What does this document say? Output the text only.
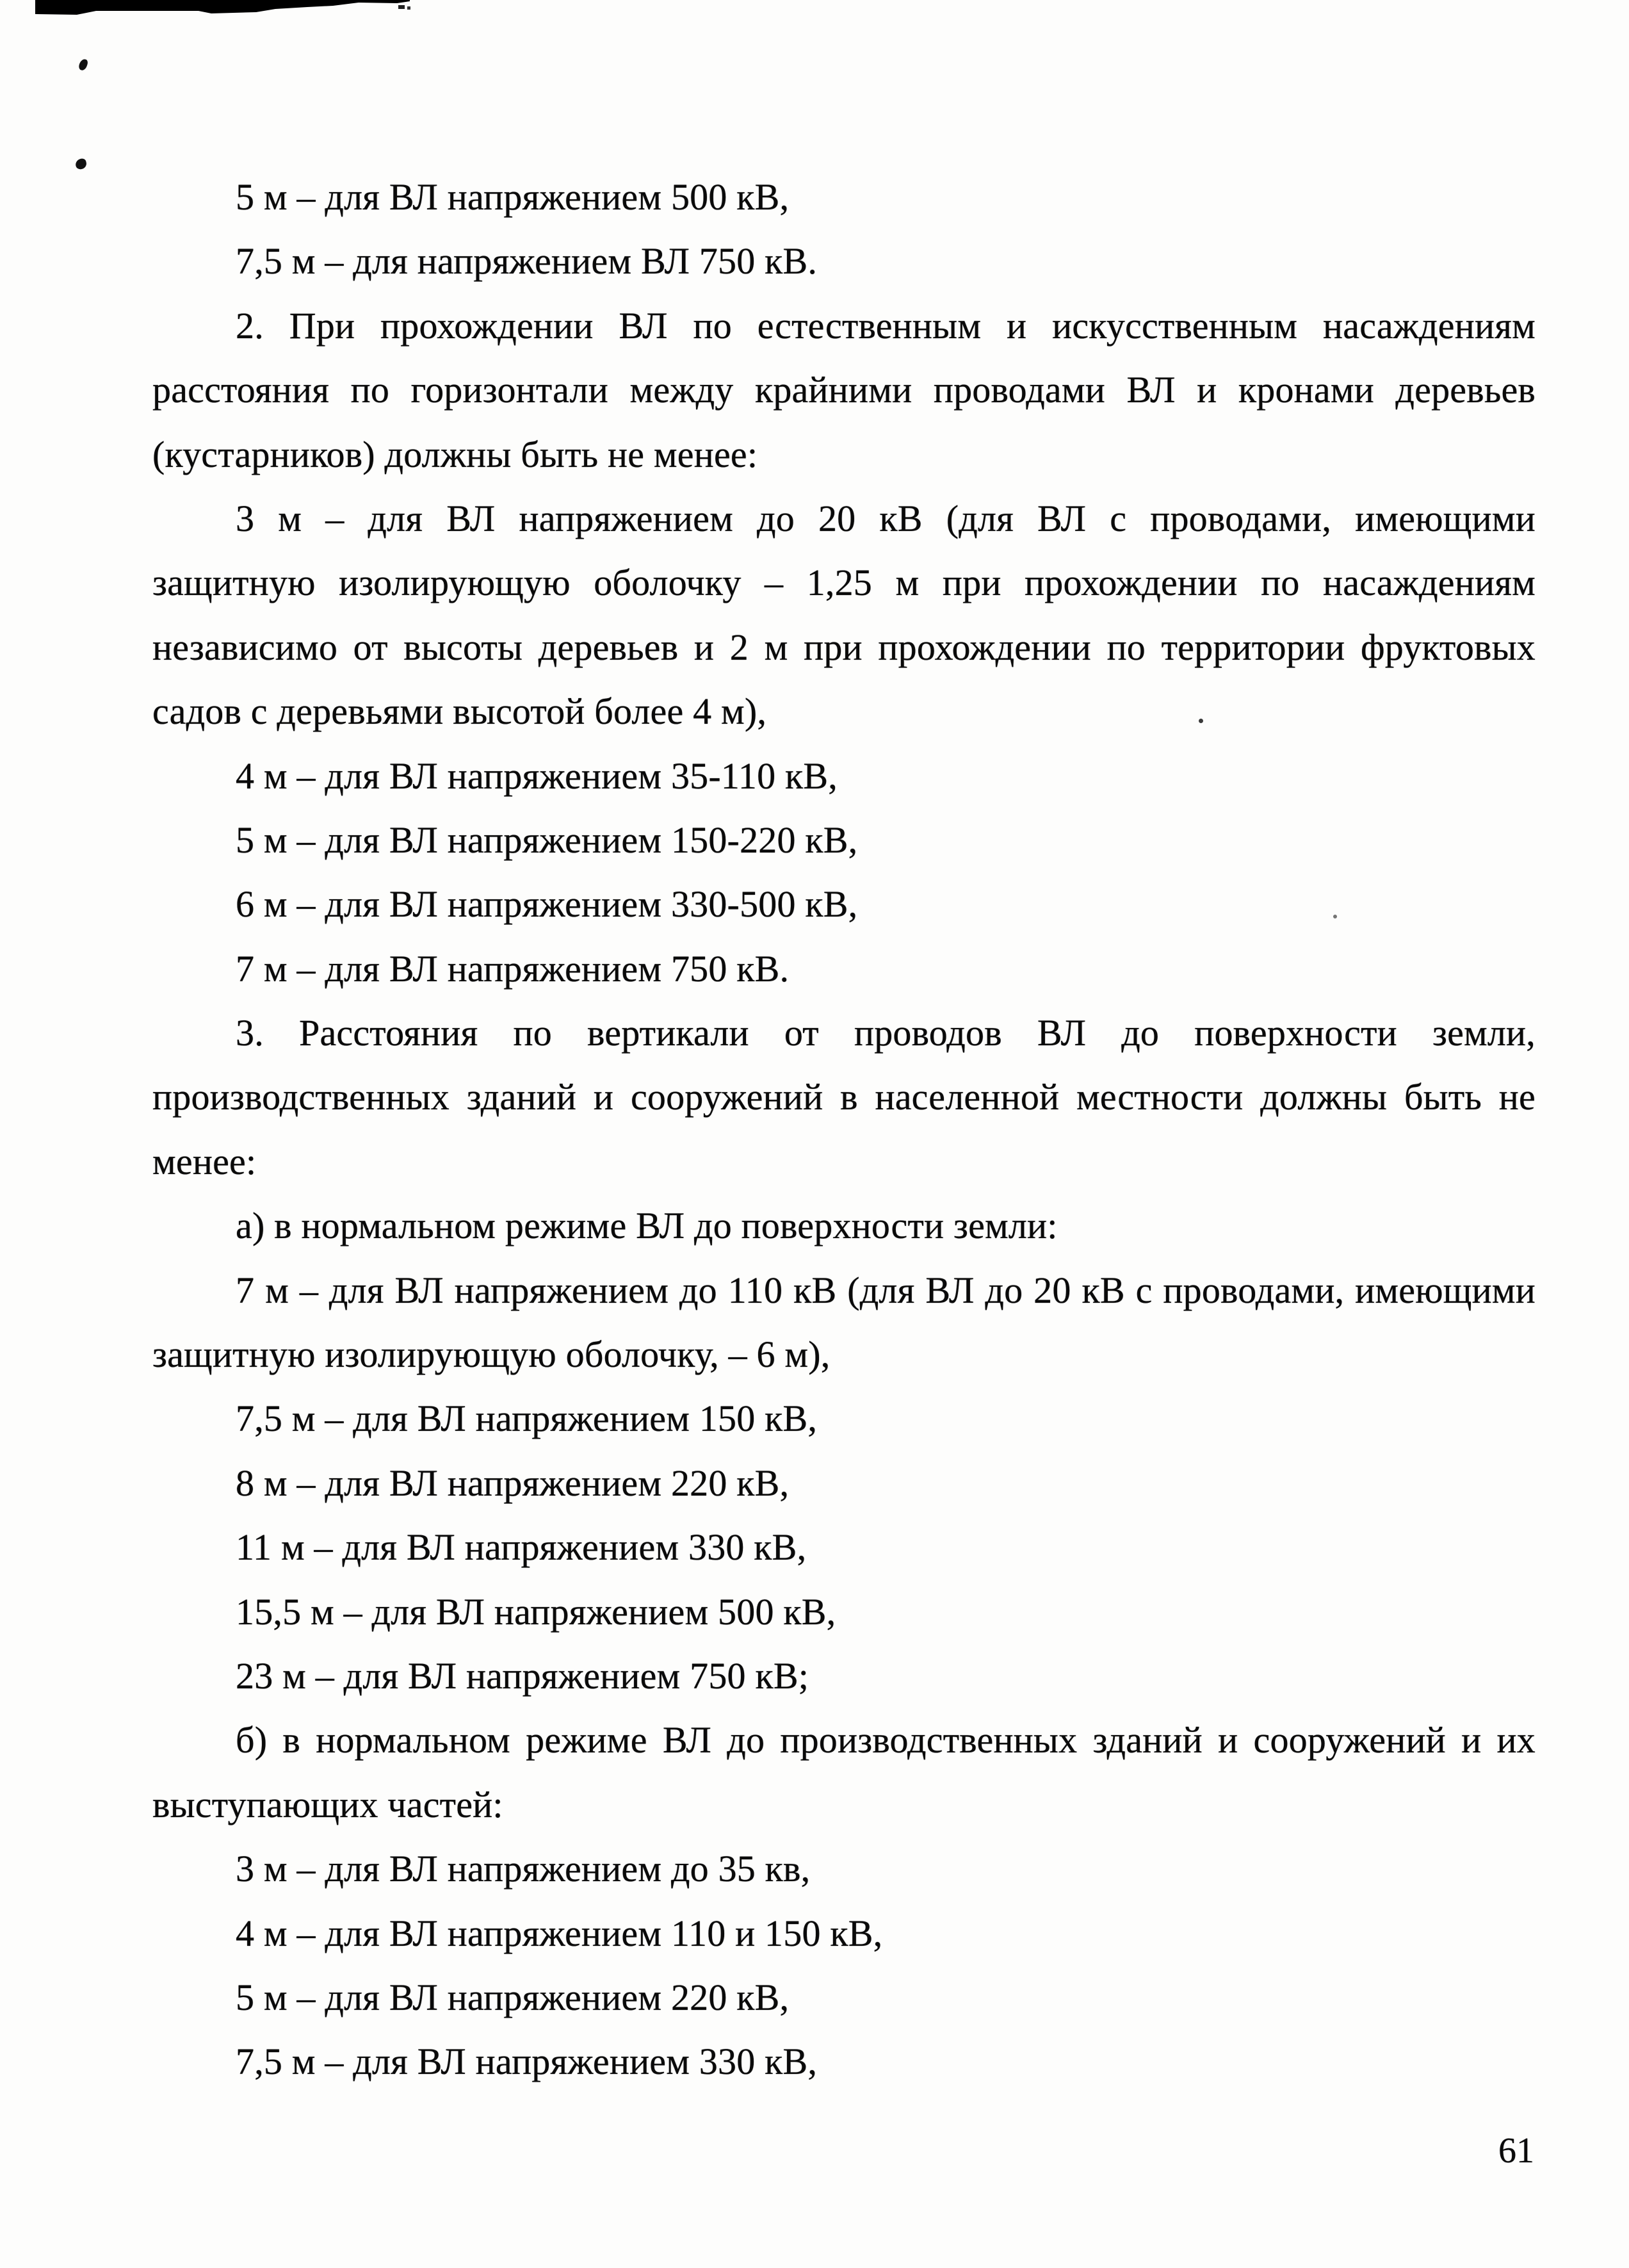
5 м – для ВЛ напряжением 500 кВ,
7,5 м – для напряжением ВЛ 750 кВ.
2. При прохождении ВЛ по естественным и искусственным насаждениям
расстояния по горизонтали между крайними проводами ВЛ и кронами деревьев
(кустарников) должны быть не менее:
3 м – для ВЛ напряжением до 20 кВ (для ВЛ с проводами, имеющими
защитную изолирующую оболочку – 1,25 м при прохождении по насаждениям
независимо от высоты деревьев и 2 м при прохождении по территории фруктовых
садов с деревьями высотой более 4 м),
4 м – для ВЛ напряжением 35-110 кВ,
5 м – для ВЛ напряжением 150-220 кВ,
6 м – для ВЛ напряжением 330-500 кВ,
7 м – для ВЛ напряжением 750 кВ.
3. Расстояния по вертикали от проводов ВЛ до поверхности земли,
производственных зданий и сооружений в населенной местности должны быть не
менее:
а) в нормальном режиме ВЛ до поверхности земли:
7 м – для ВЛ напряжением до 110 кВ (для ВЛ до 20 кВ с проводами, имеющими
защитную изолирующую оболочку, – 6 м),
7,5 м – для ВЛ напряжением 150 кВ,
8 м – для ВЛ напряжением 220 кВ,
11 м – для ВЛ напряжением 330 кВ,
15,5 м – для ВЛ напряжением 500 кВ,
23 м – для ВЛ напряжением 750 кВ;
б) в нормальном режиме ВЛ до производственных зданий и сооружений и их
выступающих частей:
3 м – для ВЛ напряжением до 35 кв,
4 м – для ВЛ напряжением 110 и 150 кВ,
5 м – для ВЛ напряжением 220 кВ,
7,5 м – для ВЛ напряжением 330 кВ,
61
